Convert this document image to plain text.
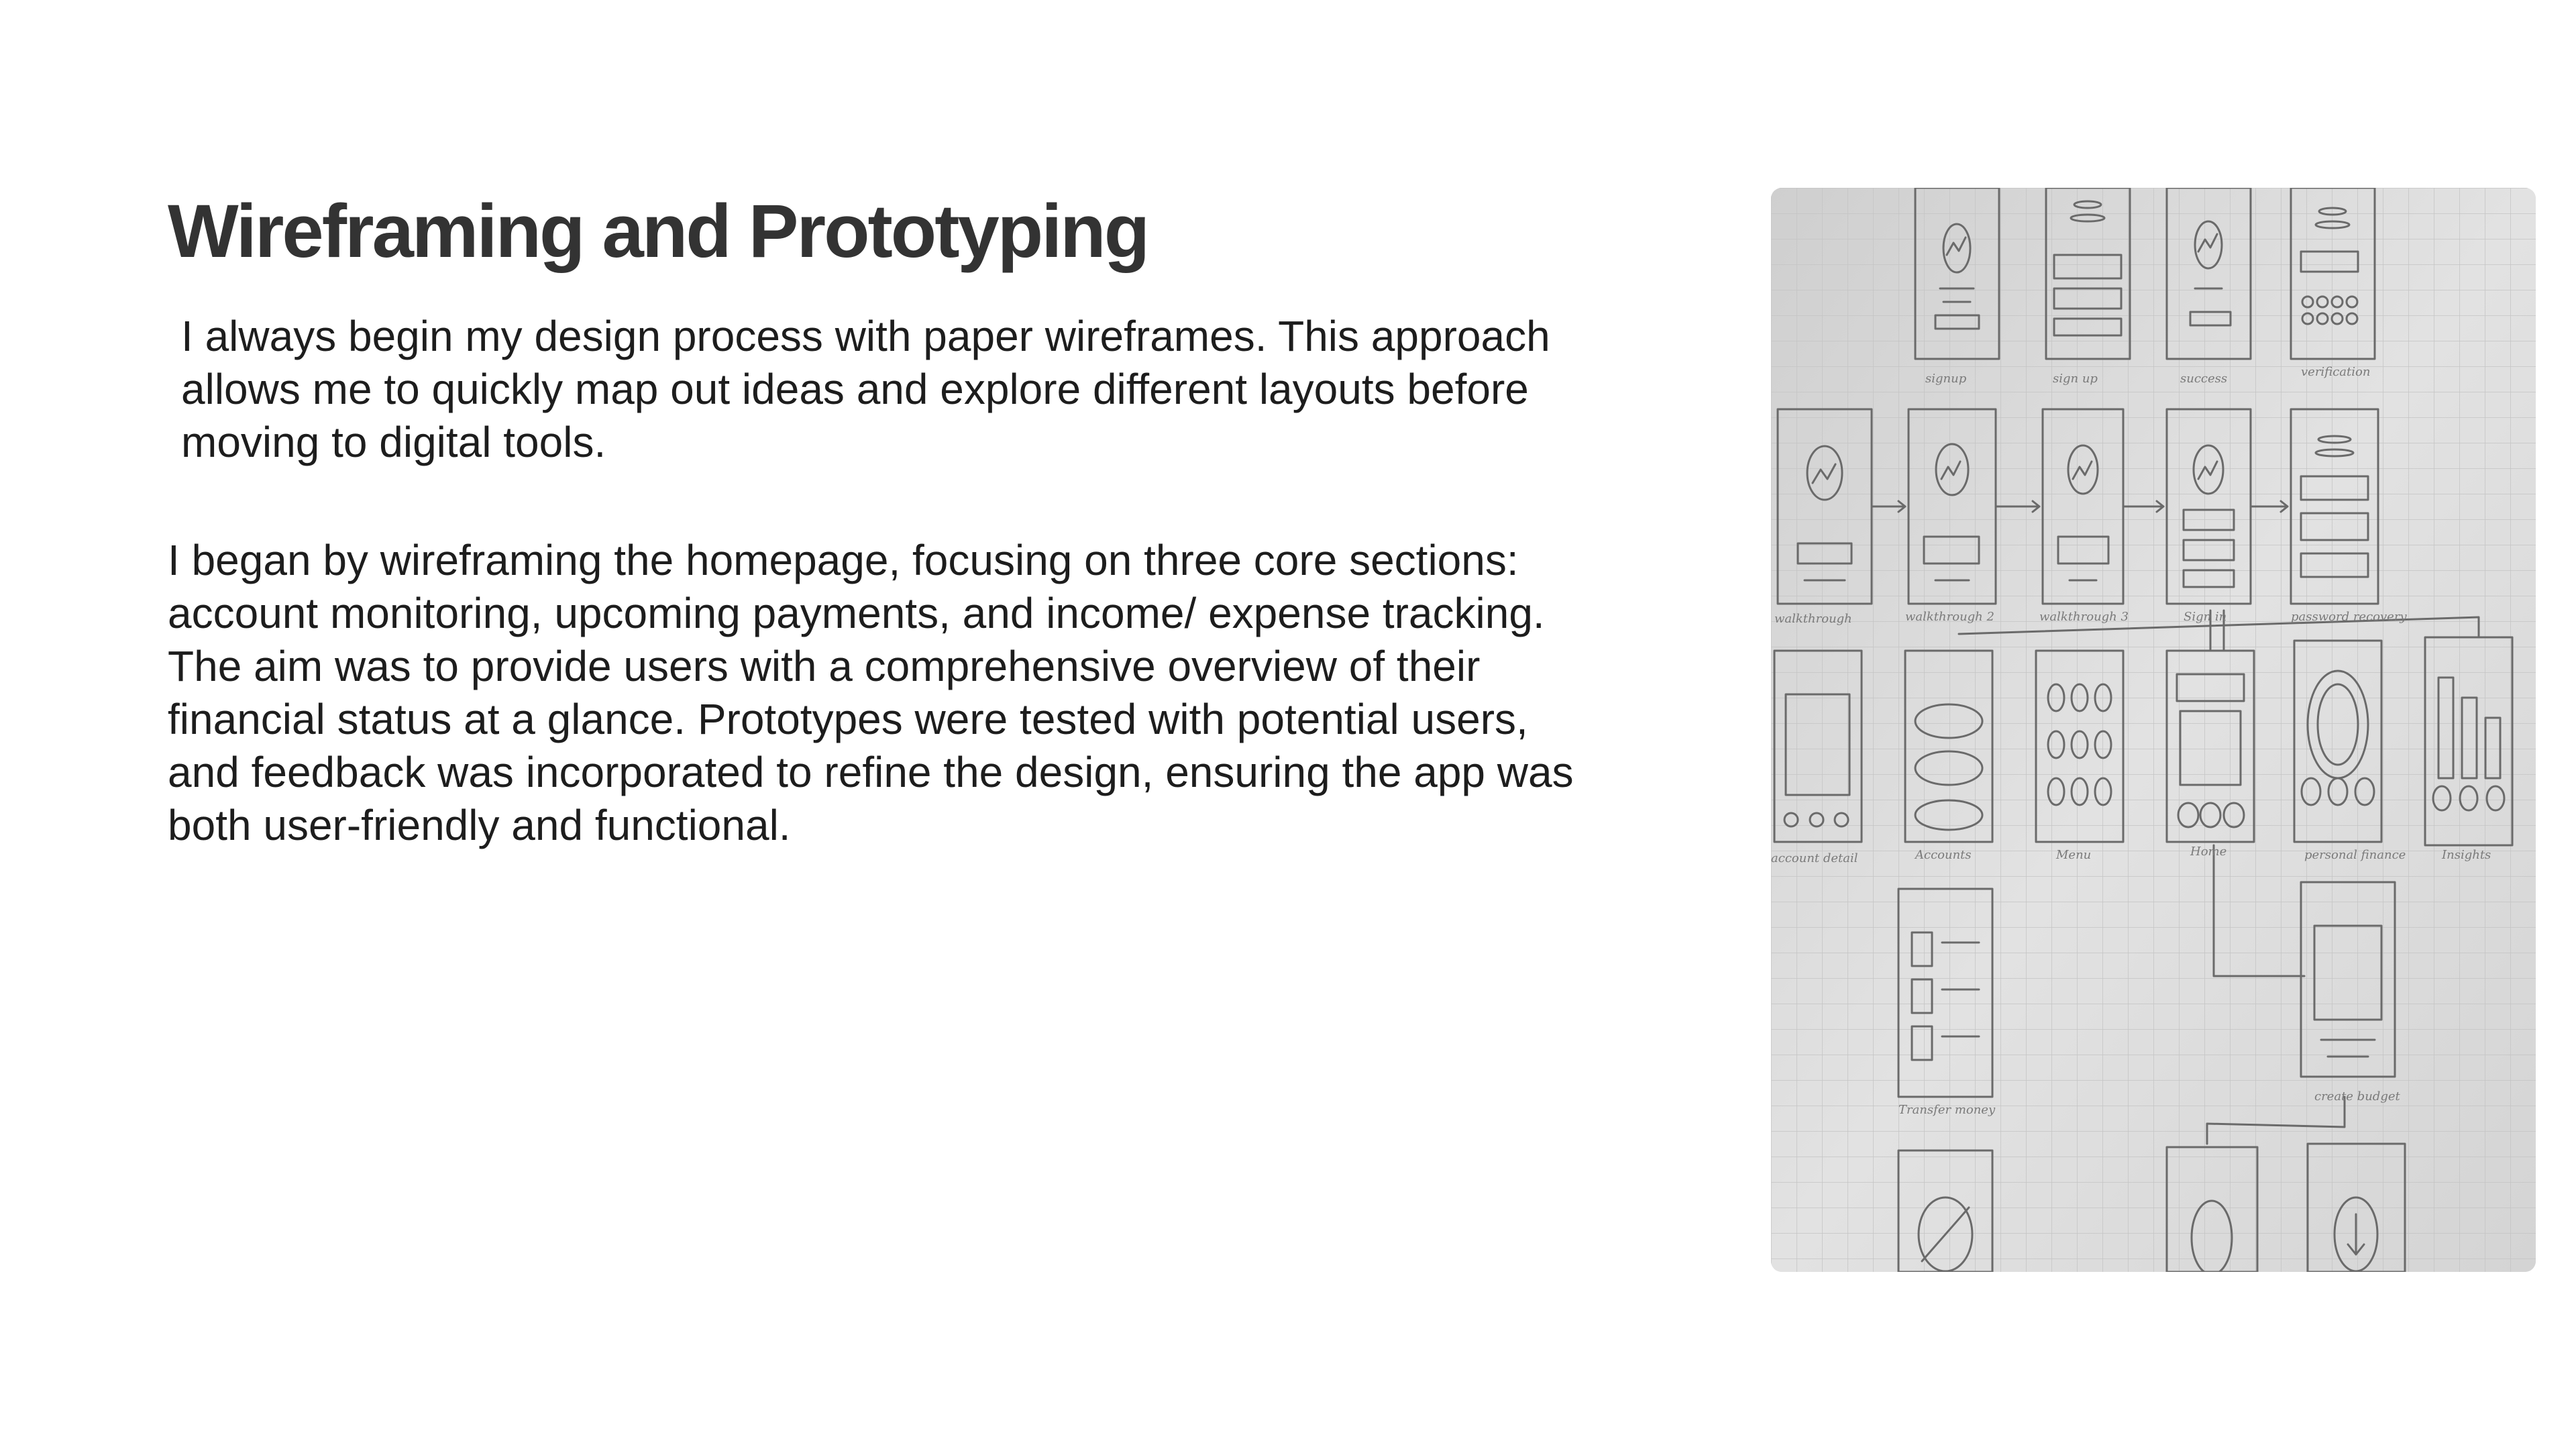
Wireframing and Prototyping

I always begin my design process with paper wireframes. This approach allows me to quickly map out ideas and explore different layouts before moving to digital tools.

I began by wireframing the homepage, focusing on three core sections: account monitoring, upcoming payments, and income/ expense tracking. The aim was to provide users with a comprehensive overview of their financial status at a glance. Prototypes were tested with potential users, and feedback was incorporated to refine the design, ensuring the app was both user-friendly and functional.

signup	sign up	success	verification
walkthrough	walkthrough 2	walkthrough 3	Sign in	password recovery
account detail	Accounts	Menu	Home	personal finance	Insights
Transfer money
create budget
